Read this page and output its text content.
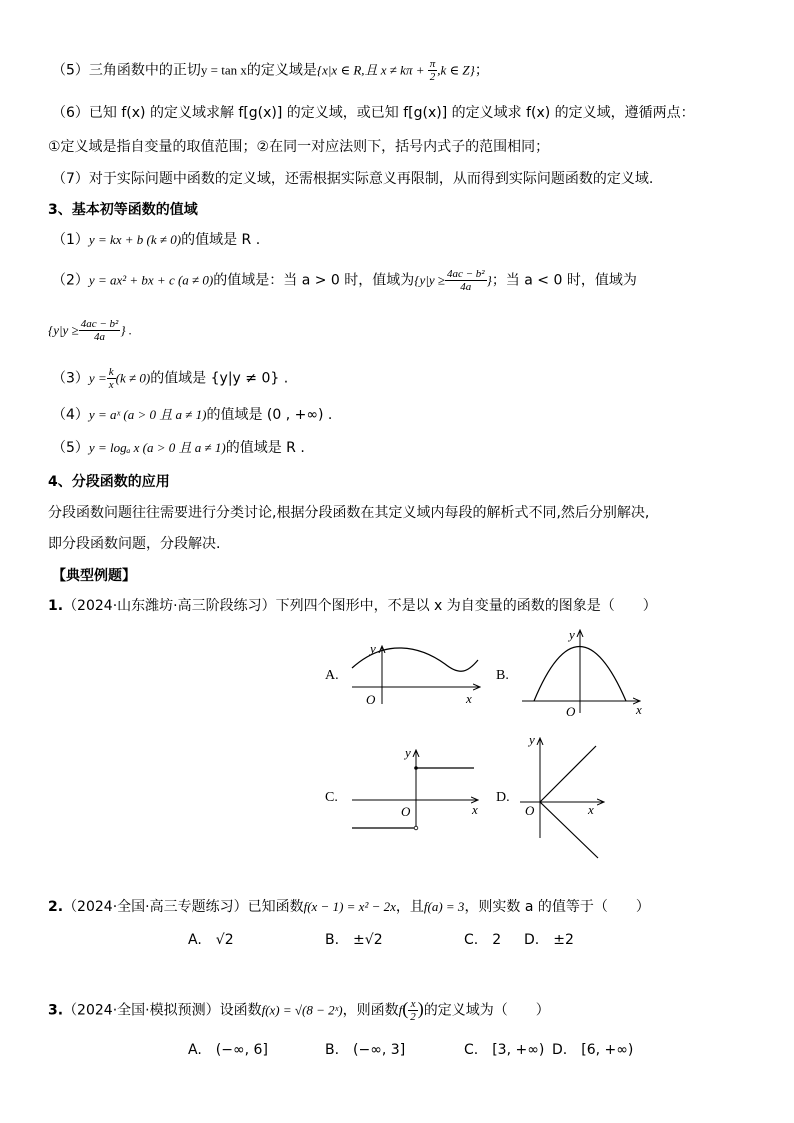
（5）三角函数中的正切y = tan x的定义域是{x|x ∈ R,且 $x \ne k\pi + \frac{\pi}{2} ,k$ ∈ Z}；
（6）已知 f(x) 的定义域求解 f[g(x)] 的定义域，或已知 f[g(x)] 的定义域求 f(x) 的定义域，遵循两点：
①定义域是指自变量的取值范围；②在同一对应法则下，括号内式子的范围相同；
（7）对于实际问题中函数的定义域，还需根据实际意义再限制，从而得到实际问题函数的定义域.
3、基本初等函数的值域
（1）y = kx + b (k ≠ 0)的值域是 R .
（2）y = ax² + bx + c (a ≠ 0)的值域是：当 a > 0 时，值域为{$y|y \ge \frac{\text{4ac − b²}}{4a}$ }；当 a < 0 时，值域为
{$y|y \ge \frac{\text{4ac − b²}}{4a}$ } .
$(3)y = \frac{k}{x} (k \ne 0)$的值域是 {y|y ≠ 0} .
（4）y = aˣ (a > 0 且 a ≠ 1)的值域是 (0 , +∞) .
（5）y = logₐ x (a > 0 且 a ≠ 1)的值域是 R .
4、分段函数的应用
分段函数问题往往需要进行分类讨论,根据分段函数在其定义域内每段的解析式不同,然后分别解决,
即分段函数问题，分段解决.
【典型例题】
1.（2024·山东潍坊·高三阶段练习）下列四个图形中，不是以 x 为自变量的函数的图象是（　　）
A.
y
x
O
B.
y
x
O
C.
y
x
O
D.
y
x
O
2.（2024·全国·高三专题练习）已知函数f(x − 1) = x² − 2x，且f(a) = 3，则实数 a 的值等于（　　）
A.　√2	B.　±√2	C.　2 D.　±2
3.（2024·全国·模拟预测）设函数f(x) = √(8 − 2ˣ)，则函数$f( \frac{x}{2}$ )的定义域为（　　）
A.　(−∞, 6]	B.　(−∞, 3]	C.　[3, +∞) D.　[6, +∞)
